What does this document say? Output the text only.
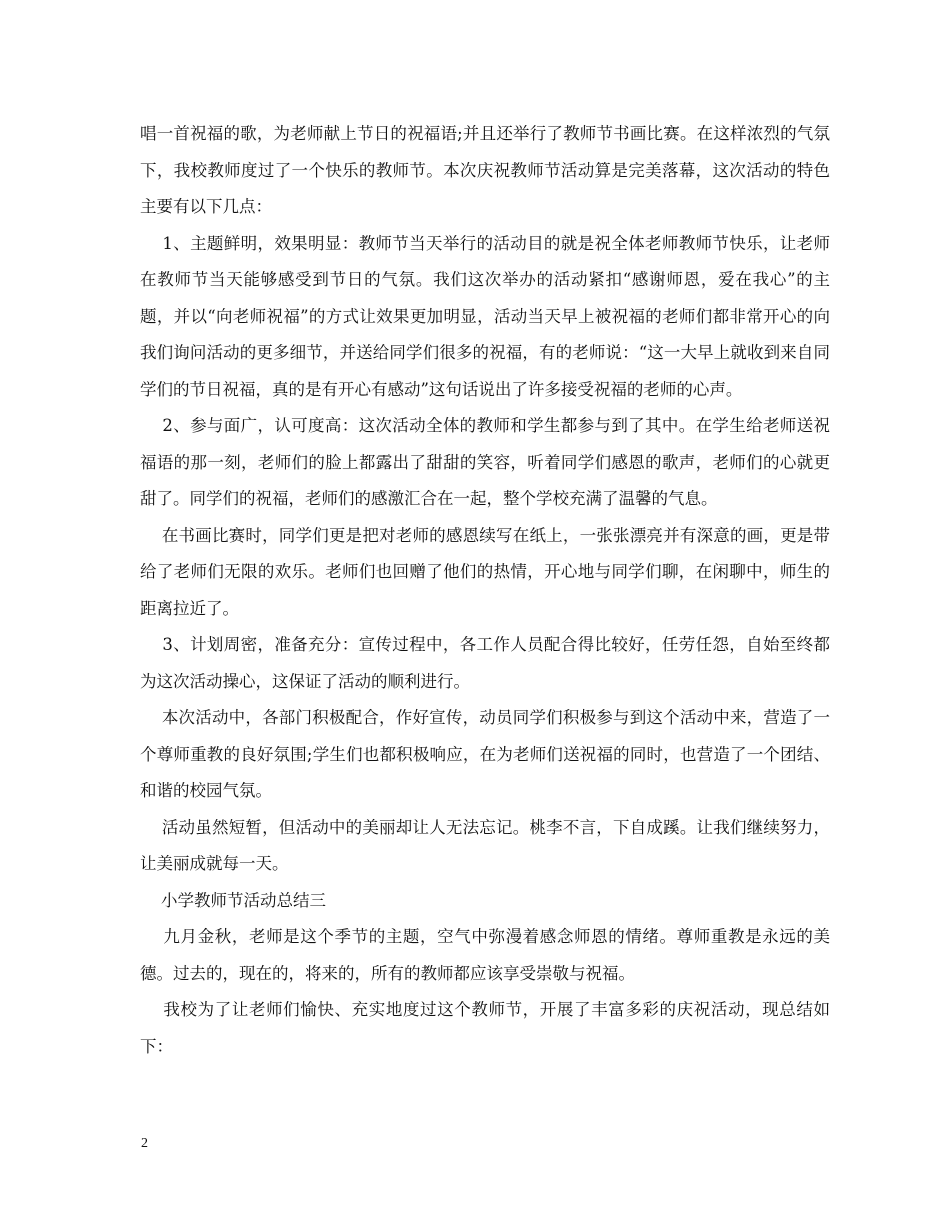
唱一首祝福的歌，为老师献上节日的祝福语;并且还举行了教师节书画比赛。在这样浓烈的气氛下，我校教师度过了一个快乐的教师节。本次庆祝教师节活动算是完美落幕，这次活动的特色主要有以下几点：

1、主题鲜明，效果明显：教师节当天举行的活动目的就是祝全体老师教师节快乐，让老师在教师节当天能够感受到节日的气氛。我们这次举办的活动紧扣“感谢师恩，爱在我心”的主题，并以“向老师祝福”的方式让效果更加明显，活动当天早上被祝福的老师们都非常开心的向我们询问活动的更多细节，并送给同学们很多的祝福，有的老师说：“这一大早上就收到来自同学们的节日祝福，真的是有开心有感动”这句话说出了许多接受祝福的老师的心声。

2、参与面广，认可度高：这次活动全体的教师和学生都参与到了其中。在学生给老师送祝福语的那一刻，老师们的脸上都露出了甜甜的笑容，听着同学们感恩的歌声，老师们的心就更甜了。同学们的祝福，老师们的感激汇合在一起，整个学校充满了温馨的气息。

在书画比赛时，同学们更是把对老师的感恩续写在纸上，一张张漂亮并有深意的画，更是带给了老师们无限的欢乐。老师们也回赠了他们的热情，开心地与同学们聊，在闲聊中，师生的距离拉近了。

3、计划周密，准备充分：宣传过程中，各工作人员配合得比较好，任劳任怨，自始至终都为这次活动操心，这保证了活动的顺利进行。

本次活动中，各部门积极配合，作好宣传，动员同学们积极参与到这个活动中来，营造了一个尊师重教的良好氛围;学生们也都积极响应，在为老师们送祝福的同时，也营造了一个团结、和谐的校园气氛。

活动虽然短暂，但活动中的美丽却让人无法忘记。桃李不言，下自成蹊。让我们继续努力，让美丽成就每一天。

小学教师节活动总结三

九月金秋，老师是这个季节的主题，空气中弥漫着感念师恩的情绪。尊师重教是永远的美德。过去的，现在的，将来的，所有的教师都应该享受崇敬与祝福。

我校为了让老师们愉快、充实地度过这个教师节，开展了丰富多彩的庆祝活动，现总结如下：

2
